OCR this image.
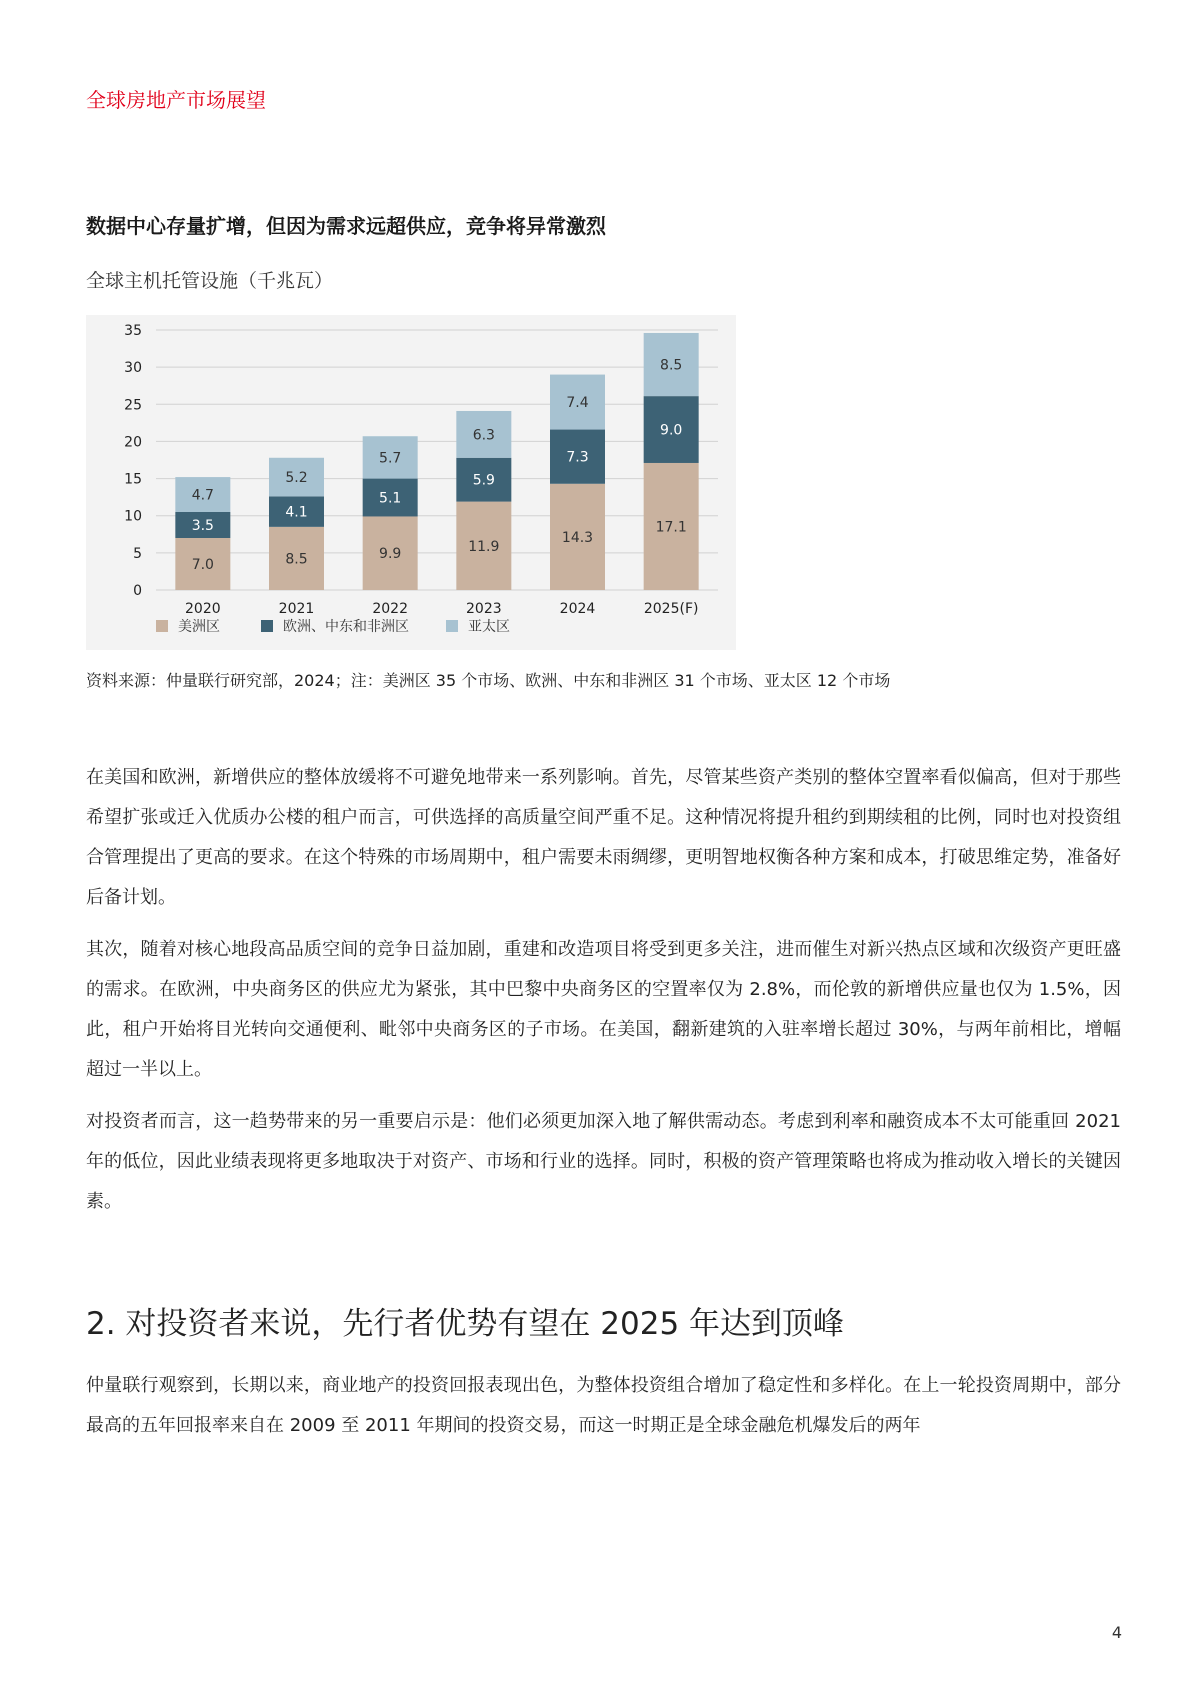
全球房地产市场展望
数据中心存量扩增，但因为需求远超供应，竞争将异常激烈
全球主机托管设施（千兆瓦）
0
5
10
15
20
25
30
35
7.0
3.5
4.7
2020
8.5
4.1
5.2
2021
9.9
5.1
5.7
2022
11.9
5.9
6.3
2023
14.3
7.3
7.4
2024
17.1
9.0
8.5
2025(F)
美洲区	欧洲、中东和非洲区	亚太区
资料来源：仲量联行研究部，2024；注：美洲区 35 个市场、欧洲、中东和非洲区 31 个市场、亚太区 12 个市场

在美国和欧洲，新增供应的整体放缓将不可避免地带来一系列影响。首先，尽管某些资产类别的整体空置率看似偏高，但对于那些希望扩张或迁入优质办公楼的租户而言，可供选择的高质量空间严重不足。这种情况将提升租约到期续租的比例，同时也对投资组合管理提出了更高的要求。在这个特殊的市场周期中，租户需要未雨绸缪，更明智地权衡各种方案和成本，打破思维定势，准备好后备计划。

其次，随着对核心地段高品质空间的竞争日益加剧，重建和改造项目将受到更多关注，进而催生对新兴热点区域和次级资产更旺盛的需求。在欧洲，中央商务区的供应尤为紧张，其中巴黎中央商务区的空置率仅为 2.8%，而伦敦的新增供应量也仅为 1.5%，因此，租户开始将目光转向交通便利、毗邻中央商务区的子市场。在美国，翻新建筑的入驻率增长超过 30%，与两年前相比，增幅超过一半以上。

对投资者而言，这一趋势带来的另一重要启示是：他们必须更加深入地了解供需动态。考虑到利率和融资成本不太可能重回 2021 年的低位，因此业绩表现将更多地取决于对资产、市场和行业的选择。同时，积极的资产管理策略也将成为推动收入增长的关键因素。

2. 对投资者来说，先行者优势有望在 2025 年达到顶峰

仲量联行观察到，长期以来，商业地产的投资回报表现出色，为整体投资组合增加了稳定性和多样化。在上一轮投资周期中，部分最高的五年回报率来自在 2009 至 2011 年期间的投资交易，而这一时期正是全球金融危机爆发后的两年

4
